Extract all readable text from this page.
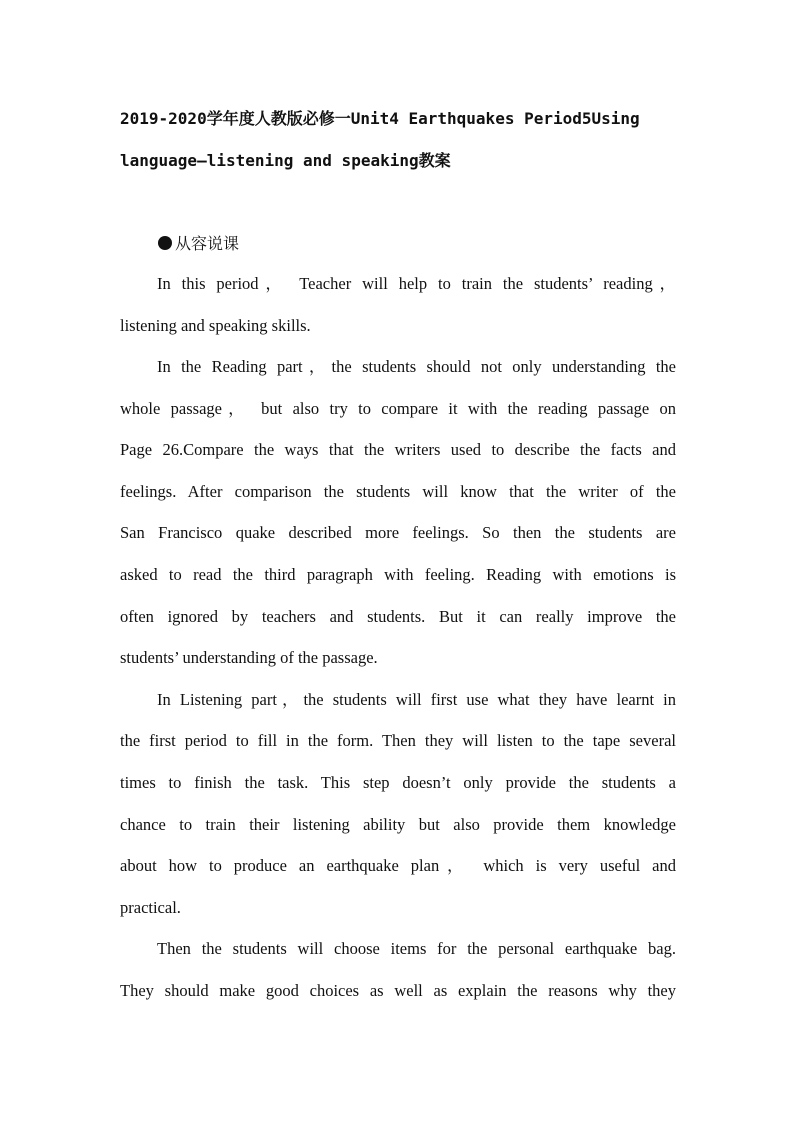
2019-2020学年度人教版必修一Unit4 Earthquakes Period5Using
language—listening and speaking教案
从容说课
In this period， Teacher will help to train the students’ reading，
listening and speaking skills.
In the Reading part，the students should not only understanding the
whole passage， but also try to compare it with the reading passage on
Page 26.Compare the ways that the writers used to describe the facts and
feelings. After comparison the students will know that the writer of the
San Francisco quake described more feelings. So then the students are
asked to read the third paragraph with feeling. Reading with emotions is
often ignored by teachers and students. But it can really improve the
students’ understanding of the passage.
In Listening part，the students will first use what they have learnt in
the first period to fill in the form. Then they will listen to the tape several
times to finish the task. This step doesn’t only provide the students a
chance to train their listening ability but also provide them knowledge
about how to produce an earthquake plan， which is very useful and
practical.
Then the students will choose items for the personal earthquake bag.
They should make good choices as well as explain the reasons why they
